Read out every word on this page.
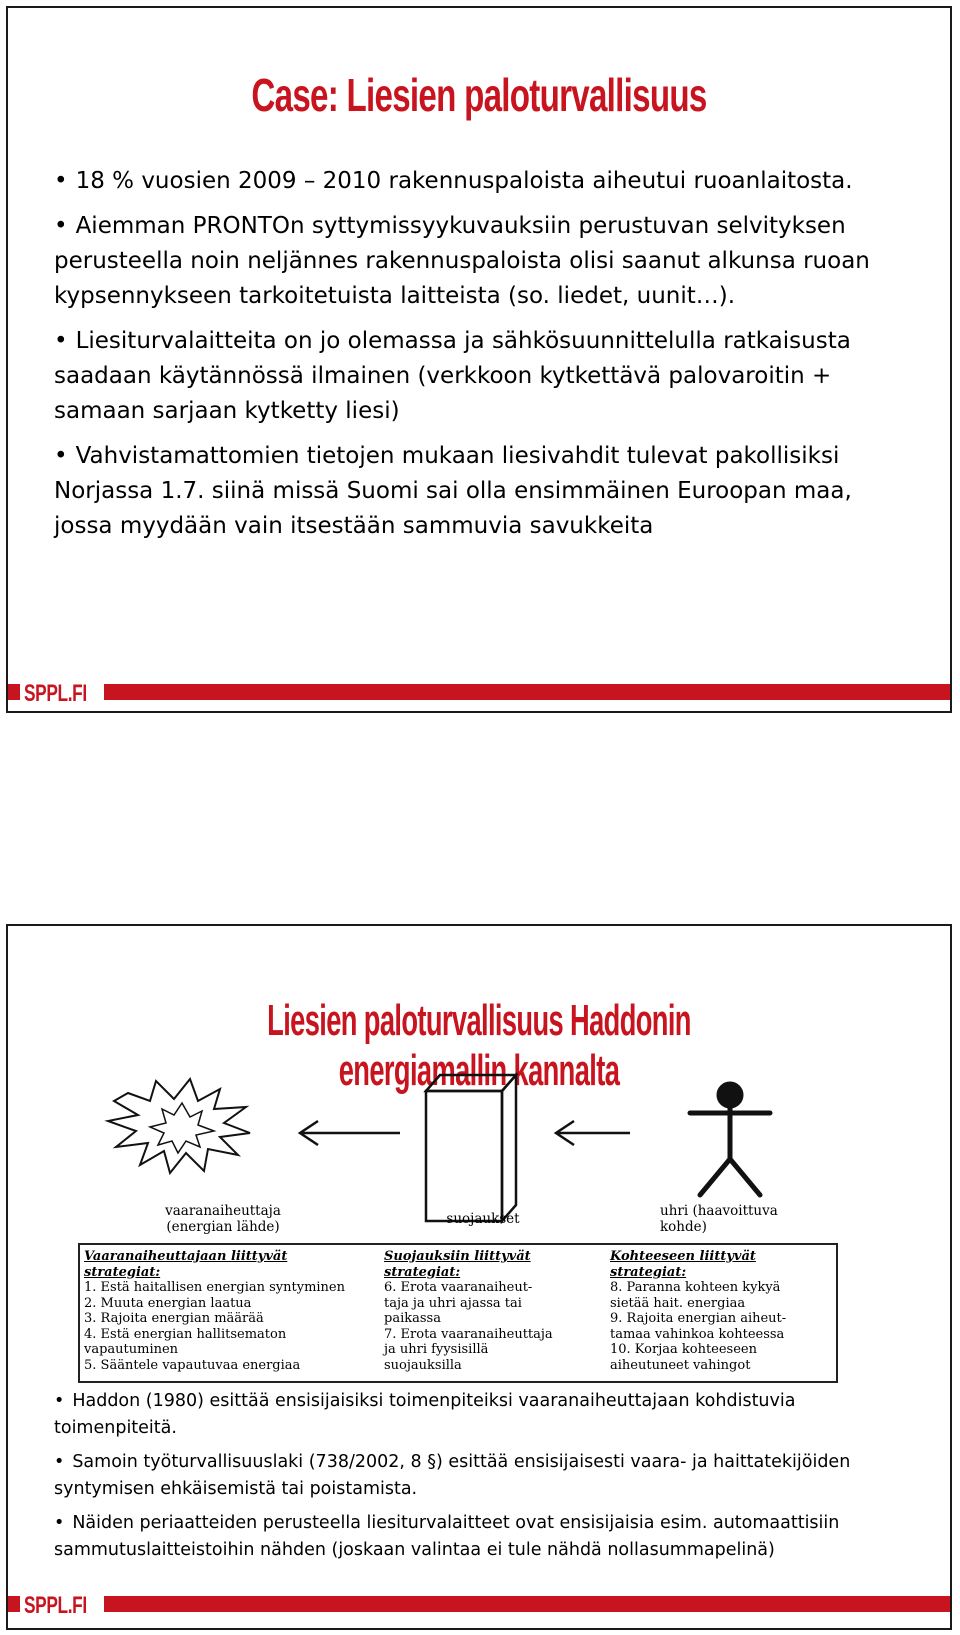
Case: Liesien paloturvallisuus
• 18 % vuosien 2009 – 2010 rakennuspaloista aiheutui ruoanlaitosta.
• Aiemman PRONTOn syttymissyykuvauksiin perustuvan selvityksen perusteella noin neljännes rakennuspaloista olisi saanut alkunsa ruoan kypsennykseen tarkoitetuista laitteista (so. liedet, uunit…).
• Liesiturvalaitteita on jo olemassa ja sähkösuunnittelulla ratkaisusta saadaan käytännössä ilmainen (verkkoon kytkettävä palovaroitin + samaan sarjaan kytketty liesi)
• Vahvistamattomien tietojen mukaan liesivahdit tulevat pakollisiksi Norjassa 1.7. siinä missä Suomi sai olla ensimmäinen Euroopan maa, jossa myydään vain itsestään sammuvia savukkeita
SPPL.FI
Liesien paloturvallisuus Haddonin energiamallin kannalta
vaaranaiheuttaja
(energian lähde)	suojaukset	uhri (haavoittuva
kohde)
Vaaranaiheuttajaan liittyvät
strategiat:
1. Estä haitallisen energian syntyminen
2. Muuta energian laatua
3. Rajoita energian määrää
4. Estä energian hallitsematon
vapautuminen
5. Sääntele vapautuvaa energiaa
Suojauksiin liittyvät
strategiat:
6. Erota vaaranaiheut-
taja ja uhri ajassa tai
paikassa
7. Erota vaaranaiheuttaja
ja uhri fyysisillä
suojauksilla
Kohteeseen liittyvät
strategiat:
8. Paranna kohteen kykyä
sietää hait. energiaa
9. Rajoita energian aiheut-
tamaa vahinkoa kohteessa
10. Korjaa kohteeseen
aiheutuneet vahingot
• Haddon (1980) esittää ensisijaisiksi toimenpiteiksi vaaranaiheuttajaan kohdistuvia toimenpiteitä.
• Samoin työturvallisuuslaki (738/2002, 8 §) esittää ensisijaisesti vaara- ja haittatekijöiden syntymisen ehkäisemistä tai poistamista.
• Näiden periaatteiden perusteella liesiturvalaitteet ovat ensisijaisia esim. automaattisiin sammutuslaitteistoihin nähden (joskaan valintaa ei tule nähdä nollasummapelinä)
SPPL.FI
